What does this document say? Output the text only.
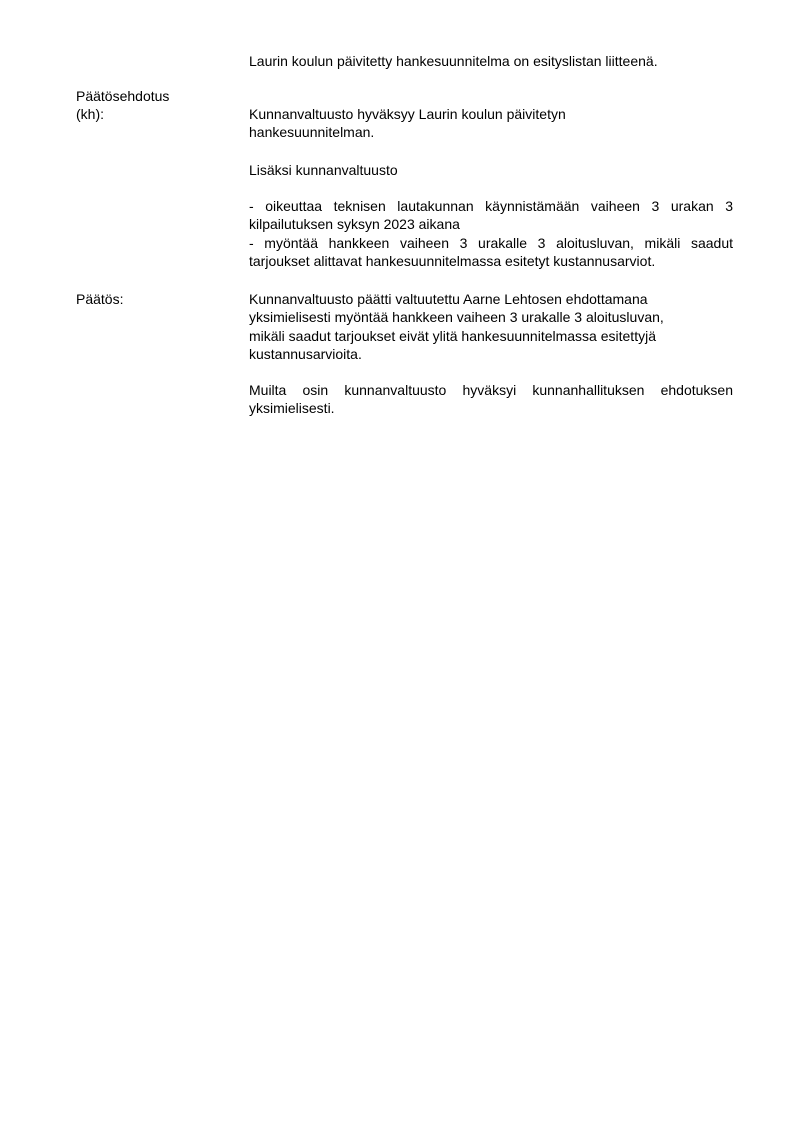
Laurin koulun päivitetty hankesuunnitelma on esityslistan liitteenä.
Päätösehdotus
(kh):	Kunnanvaltuusto hyväksyy Laurin koulun päivitetyn
hankesuunnitelman.

Lisäksi kunnanvaltuusto

- oikeuttaa teknisen lautakunnan käynnistämään vaiheen 3 urakan 3
kilpailutuksen syksyn 2023 aikana

- myöntää hankkeen vaiheen 3 urakalle 3 aloitusluvan, mikäli saadut
tarjoukset alittavat hankesuunnitelmassa esitetyt kustannusarviot.

Päätös:	Kunnanvaltuusto päätti valtuutettu Aarne Lehtosen ehdottamana
yksimielisesti myöntää hankkeen vaiheen 3 urakalle 3 aloitusluvan,
mikäli saadut tarjoukset eivät ylitä hankesuunnitelmassa esitettyjä
kustannusarvioita.

Muilta osin kunnanvaltuusto hyväksyi kunnanhallituksen ehdotuksen
yksimielisesti.
